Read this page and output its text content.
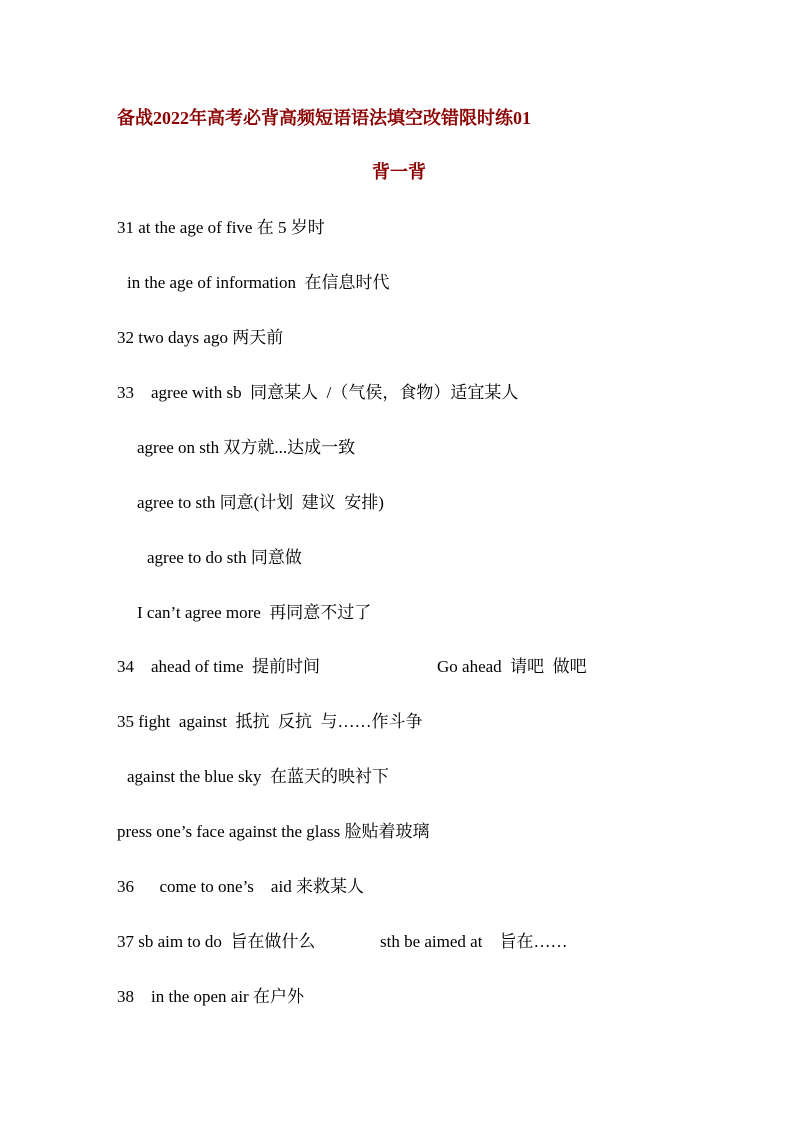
备战2022年高考必背高频短语语法填空改错限时练01
背一背
31 at the age of five 在 5 岁时
in the age of information  在信息时代
32 two days ago 两天前
33    agree with sb  同意某人  /（气侯，食物）适宜某人
agree on sth 双方就...达成一致
agree to sth 同意(计划  建议  安排)
agree to do sth 同意做
I can’t agree more  再同意不过了
34    ahead of time  提前时间	Go ahead  请吧  做吧
35 fight  against  抵抗  反抗  与……作斗争
against the blue sky  在蓝天的映衬下
press one’s face against the glass 脸贴着玻璃
36      come to one’s    aid 来救某人
37 sb aim to do  旨在做什么	sth be aimed at    旨在……
38    in the open air 在户外
